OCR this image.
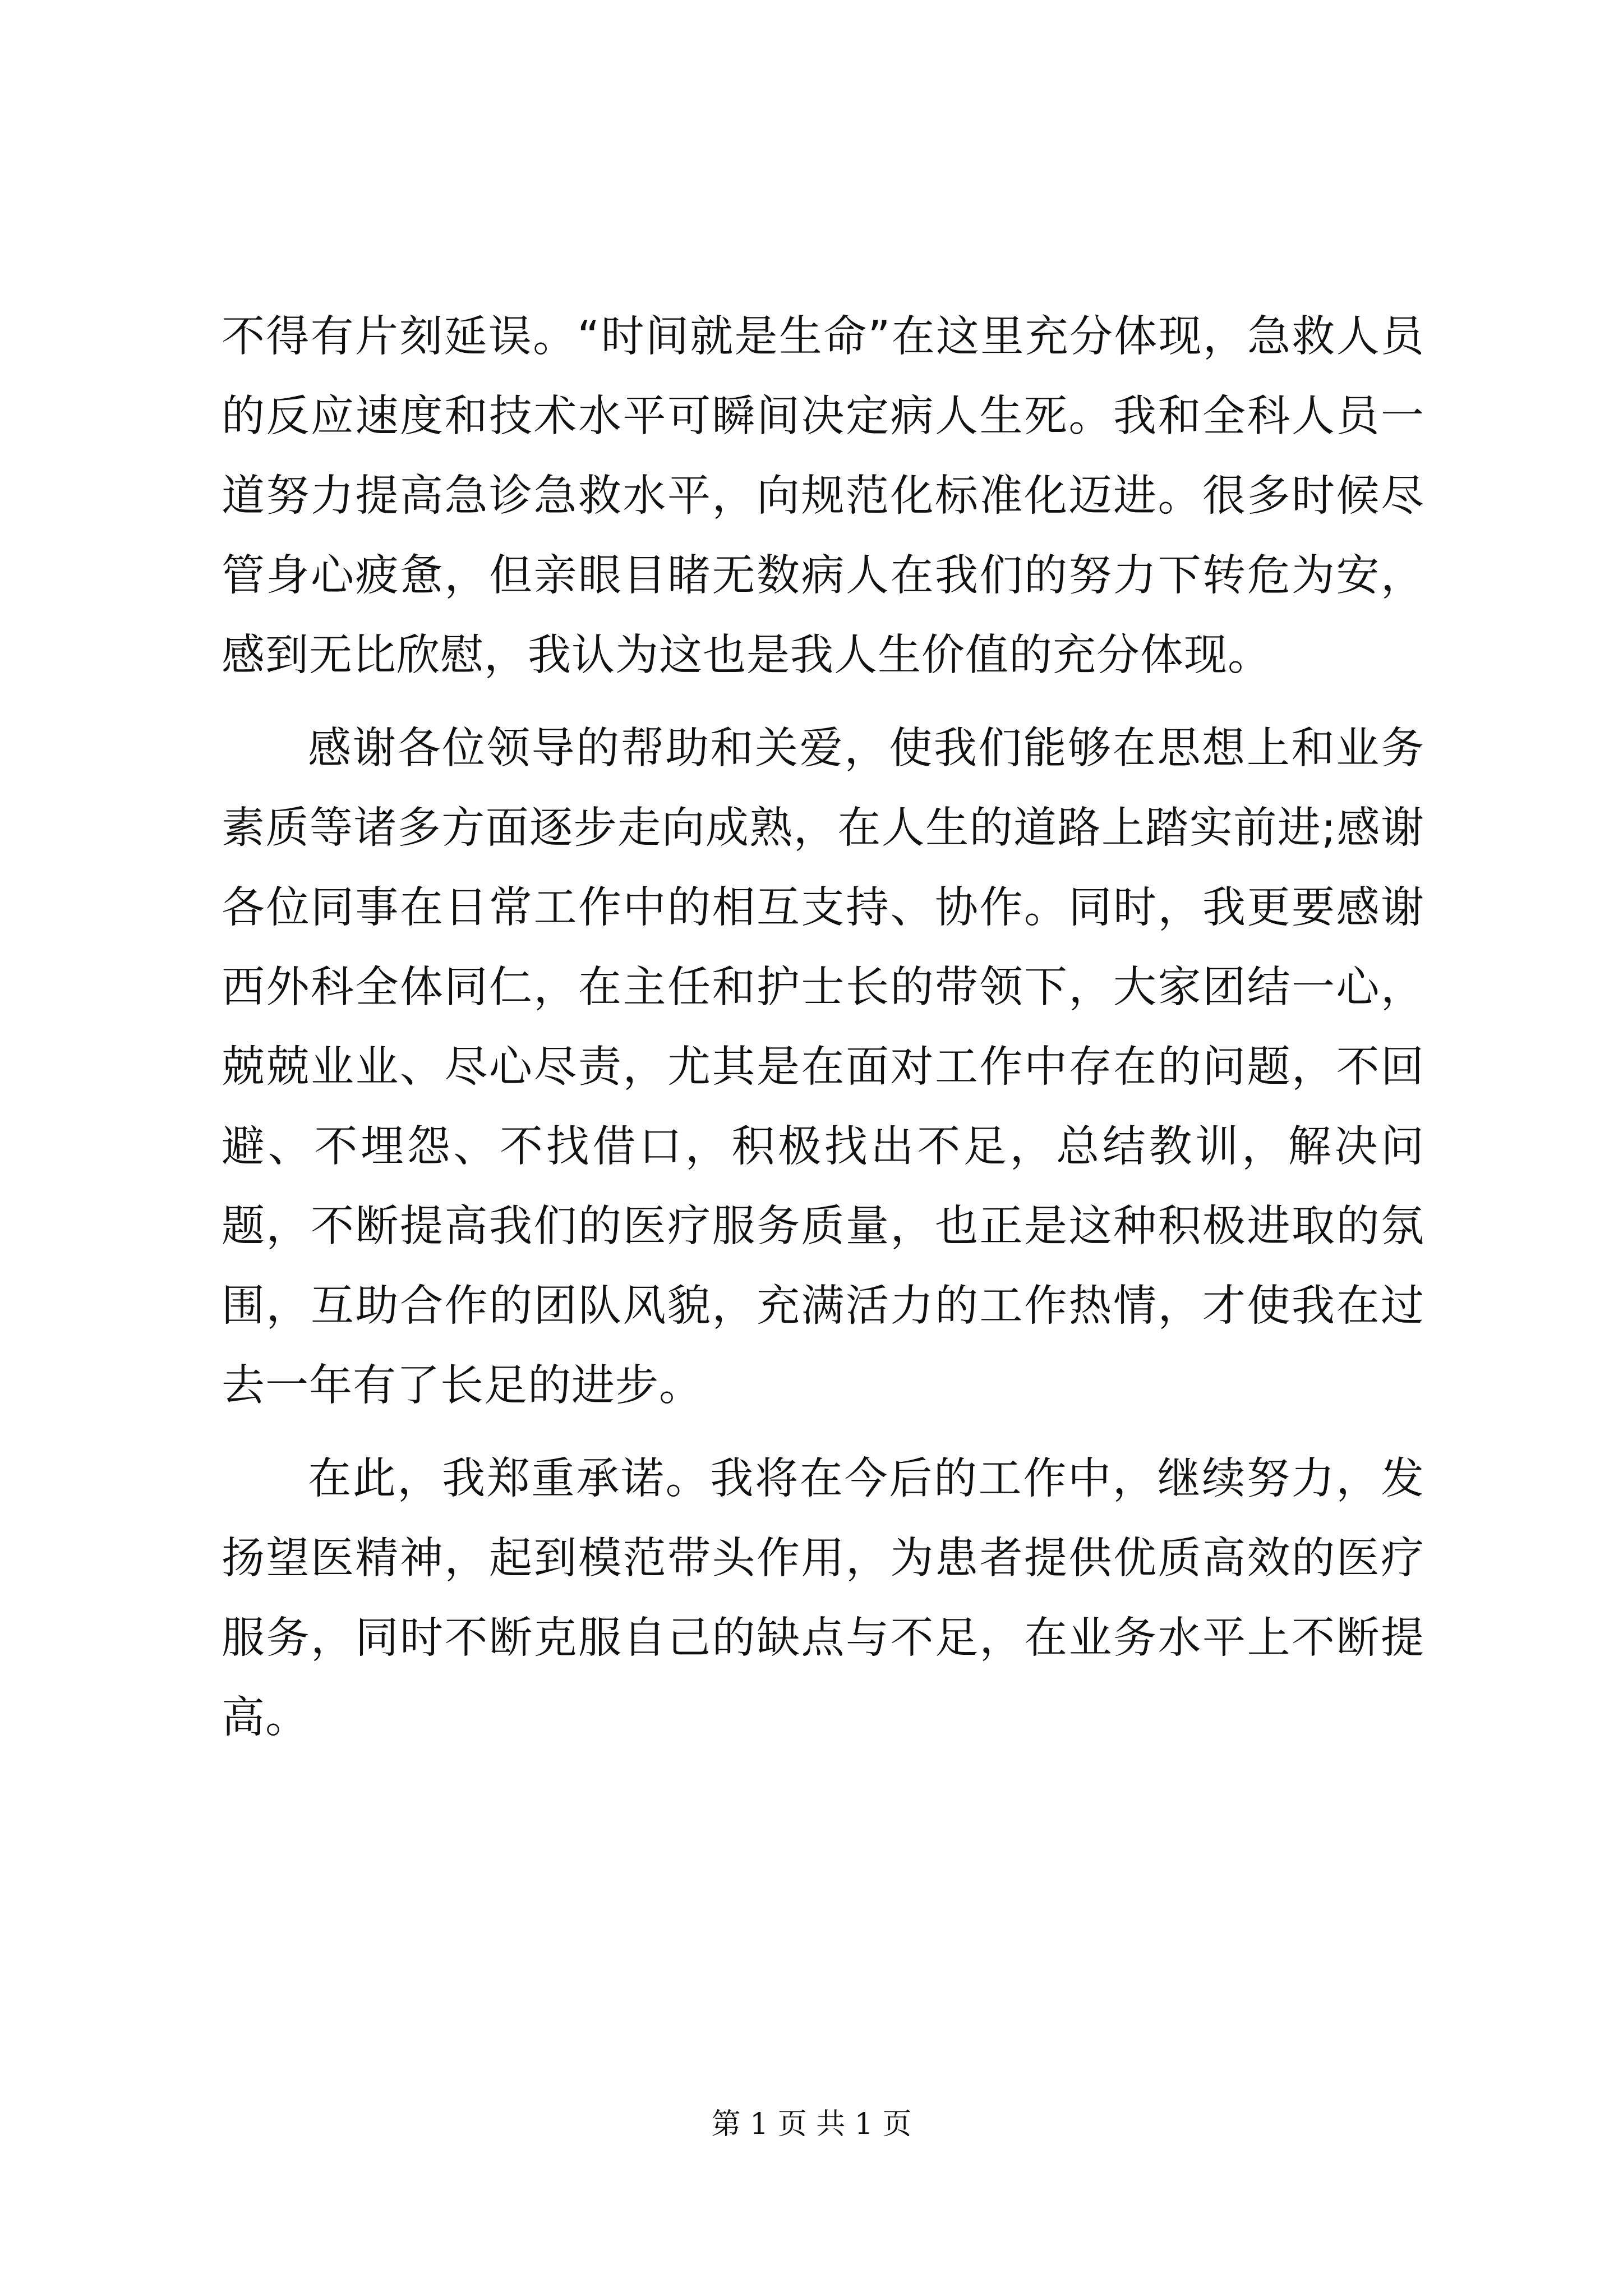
不得有片刻延误。“时间就是生命”在这里充分体现，急救人员的反应速度和技术水平可瞬间决定病人生死。我和全科人员一道努力提高急诊急救水平，向规范化标准化迈进。很多时候尽管身心疲惫，但亲眼目睹无数病人在我们的努力下转危为安，感到无比欣慰，我认为这也是我人生价值的充分体现。

感谢各位领导的帮助和关爱，使我们能够在思想上和业务素质等诸多方面逐步走向成熟，在人生的道路上踏实前进;感谢各位同事在日常工作中的相互支持、协作。同时，我更要感谢西外科全体同仁，在主任和护士长的带领下，大家团结一心，兢兢业业、尽心尽责，尤其是在面对工作中存在的问题，不回避、不埋怨、不找借口，积极找出不足，总结教训，解决问题，不断提高我们的医疗服务质量，也正是这种积极进取的氛围，互助合作的团队风貌，充满活力的工作热情，才使我在过去一年有了长足的进步。

在此，我郑重承诺。我将在今后的工作中，继续努力，发扬望医精神，起到模范带头作用，为患者提供优质高效的医疗服务，同时不断克服自己的缺点与不足，在业务水平上不断提高。

第 1 页 共 1 页
